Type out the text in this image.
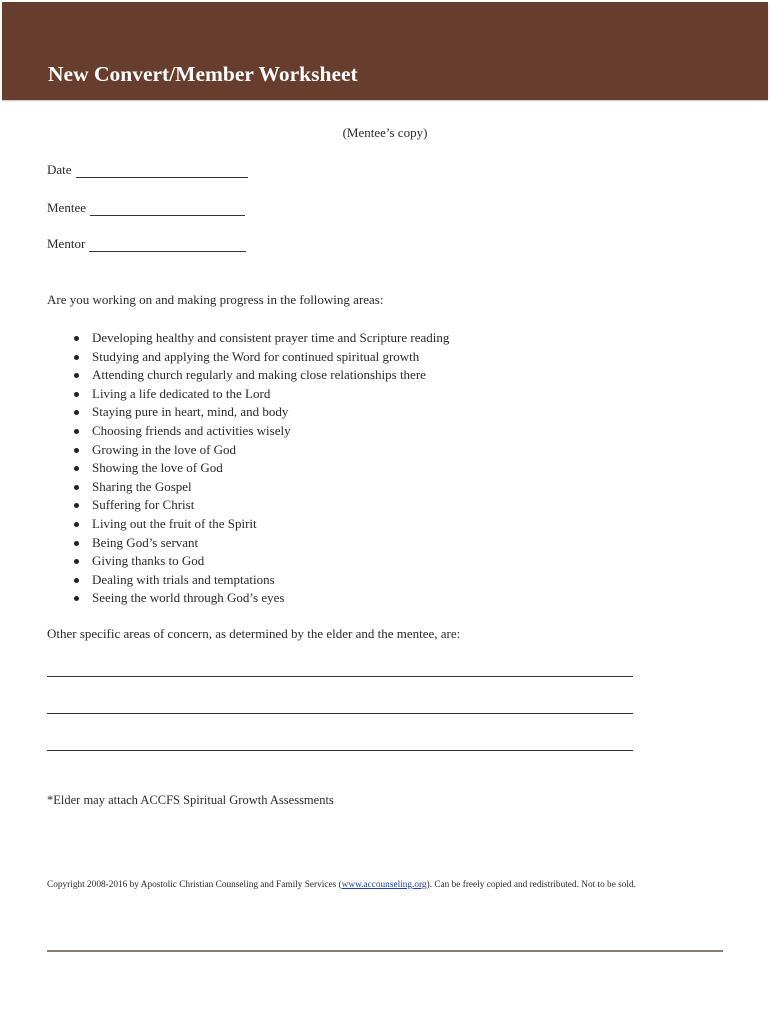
New Convert/Member Worksheet
(Mentee’s copy)
Date
Mentee
Mentor
Are you working on and making progress in the following areas:
Developing healthy and consistent prayer time and Scripture reading
Studying and applying the Word for continued spiritual growth
Attending church regularly and making close relationships there
Living a life dedicated to the Lord
Staying pure in heart, mind, and body
Choosing friends and activities wisely
Growing in the love of God
Showing the love of God
Sharing the Gospel
Suffering for Christ
Living out the fruit of the Spirit
Being God’s servant
Giving thanks to God
Dealing with trials and temptations
Seeing the world through God’s eyes
Other specific areas of concern, as determined by the elder and the mentee, are:
*Elder may attach ACCFS Spiritual Growth Assessments
Copyright 2008-2016 by Apostolic Christian Counseling and Family Services (www.accounseling.org). Can be freely copied and redistributed. Not to be sold.
